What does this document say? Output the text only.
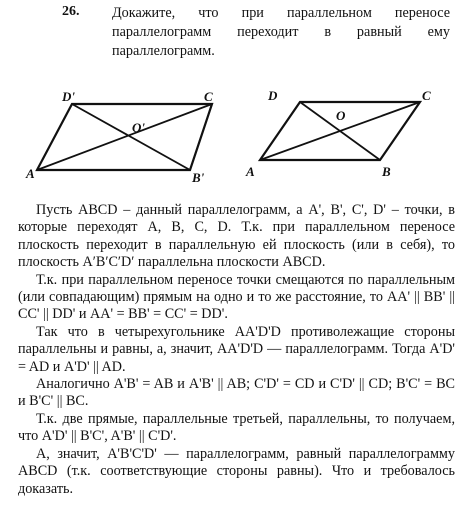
26. Докажите, что при параллельном переносе параллелограмм переходит в равный ему параллелограмм.
A	B'
C
D'
O'
A	B
C
D
O

Пусть ABCD – данный параллелограмм, а A', B', C', D' – точки, в которые переходят A, B, C, D. Т.к. при параллельном переносе плоскость переходит в параллельную ей плоскость (или в себя), то плоскость A′B′C′D′ параллельна плоскости ABCD.

Т.к. при параллельном переносе точки смещаются по параллельным (или совпадающим) прямым на одно и то же расстояние, то AA' || BB' || CC' || DD' и AA' = BB' = CC' = DD'.

Так что в четырехугольнике AA'D'D противолежащие стороны параллельны и равны, а, значит, AA'D'D — параллелограмм. Тогда A'D' = AD и A'D' || AD.

Аналогично A'B' = AB и A'B' || AB; C'D' = CD и C'D' || CD; B'C' = BC и B'C' || BC.

Т.к. две прямые, параллельные третьей, параллельны, то получаем, что A'D' || B'C', A'B' || C'D'.

А, значит, A'B'C'D' — параллелограмм, равный параллелограмму ABCD (т.к. соответствующие стороны равны). Что и требовалось доказать.
